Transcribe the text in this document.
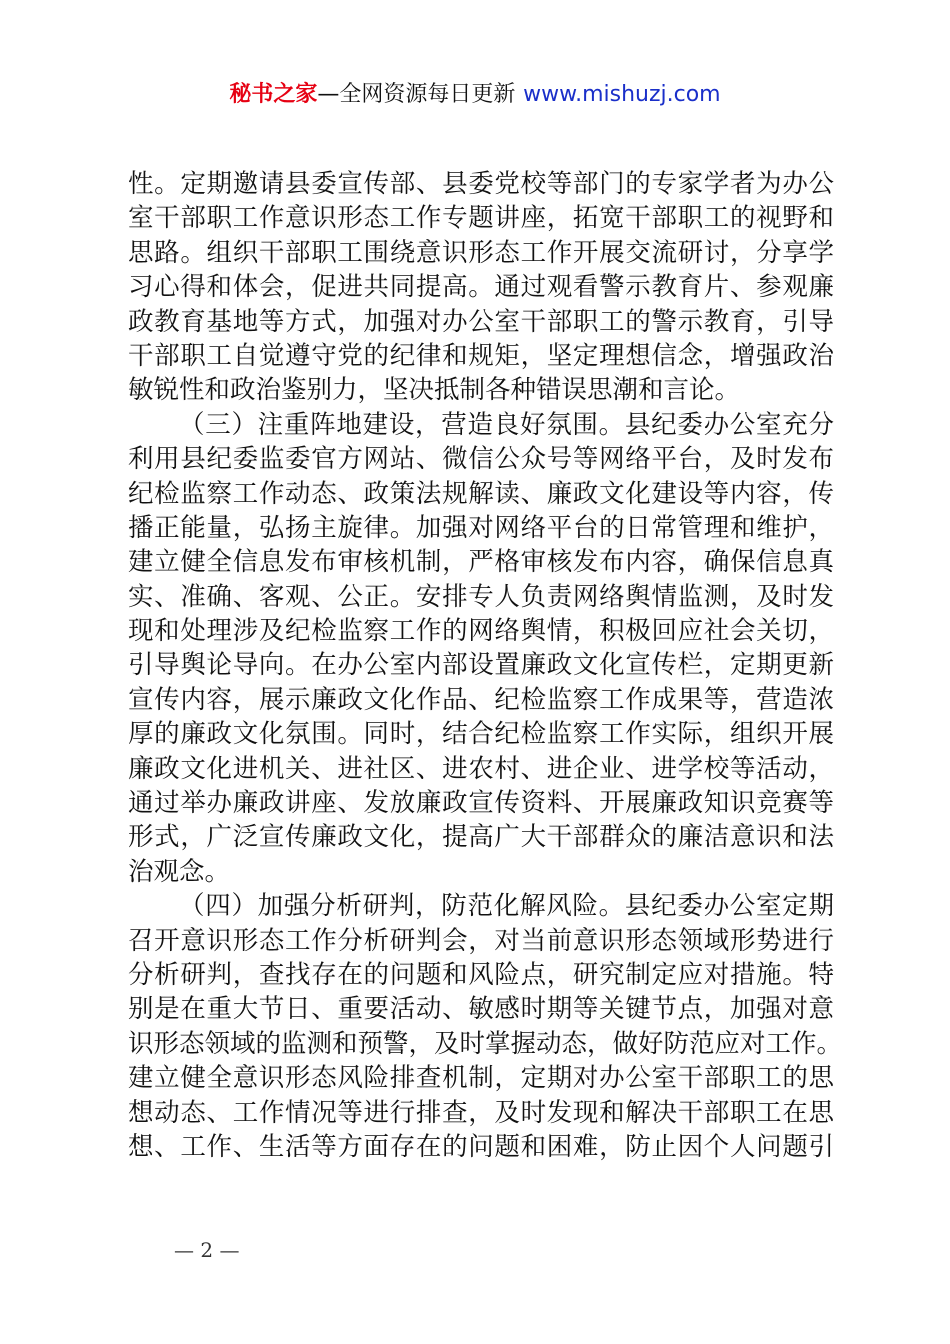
秘书之家—全网资源每日更新 www.mishuzj.com
性。定期邀请县委宣传部、县委党校等部门的专家学者为办公
室干部职工作意识形态工作专题讲座，拓宽干部职工的视野和
思路。组织干部职工围绕意识形态工作开展交流研讨，分享学
习心得和体会，促进共同提高。通过观看警示教育片、参观廉
政教育基地等方式，加强对办公室干部职工的警示教育，引导
干部职工自觉遵守党的纪律和规矩，坚定理想信念，增强政治
敏锐性和政治鉴别力，坚决抵制各种错误思潮和言论。
（三）注重阵地建设，营造良好氛围。县纪委办公室充分
利用县纪委监委官方网站、微信公众号等网络平台，及时发布
纪检监察工作动态、政策法规解读、廉政文化建设等内容，传
播正能量，弘扬主旋律。加强对网络平台的日常管理和维护，
建立健全信息发布审核机制，严格审核发布内容，确保信息真
实、准确、客观、公正。安排专人负责网络舆情监测，及时发
现和处理涉及纪检监察工作的网络舆情，积极回应社会关切，
引导舆论导向。在办公室内部设置廉政文化宣传栏，定期更新
宣传内容，展示廉政文化作品、纪检监察工作成果等，营造浓
厚的廉政文化氛围。同时，结合纪检监察工作实际，组织开展
廉政文化进机关、进社区、进农村、进企业、进学校等活动，
通过举办廉政讲座、发放廉政宣传资料、开展廉政知识竞赛等
形式，广泛宣传廉政文化，提高广大干部群众的廉洁意识和法
治观念。
（四）加强分析研判，防范化解风险。县纪委办公室定期
召开意识形态工作分析研判会，对当前意识形态领域形势进行
分析研判，查找存在的问题和风险点，研究制定应对措施。特
别是在重大节日、重要活动、敏感时期等关键节点，加强对意
识形态领域的监测和预警，及时掌握动态，做好防范应对工作。
建立健全意识形态风险排查机制，定期对办公室干部职工的思
想动态、工作情况等进行排查，及时发现和解决干部职工在思
想、工作、生活等方面存在的问题和困难，防止因个人问题引
— 2 —
